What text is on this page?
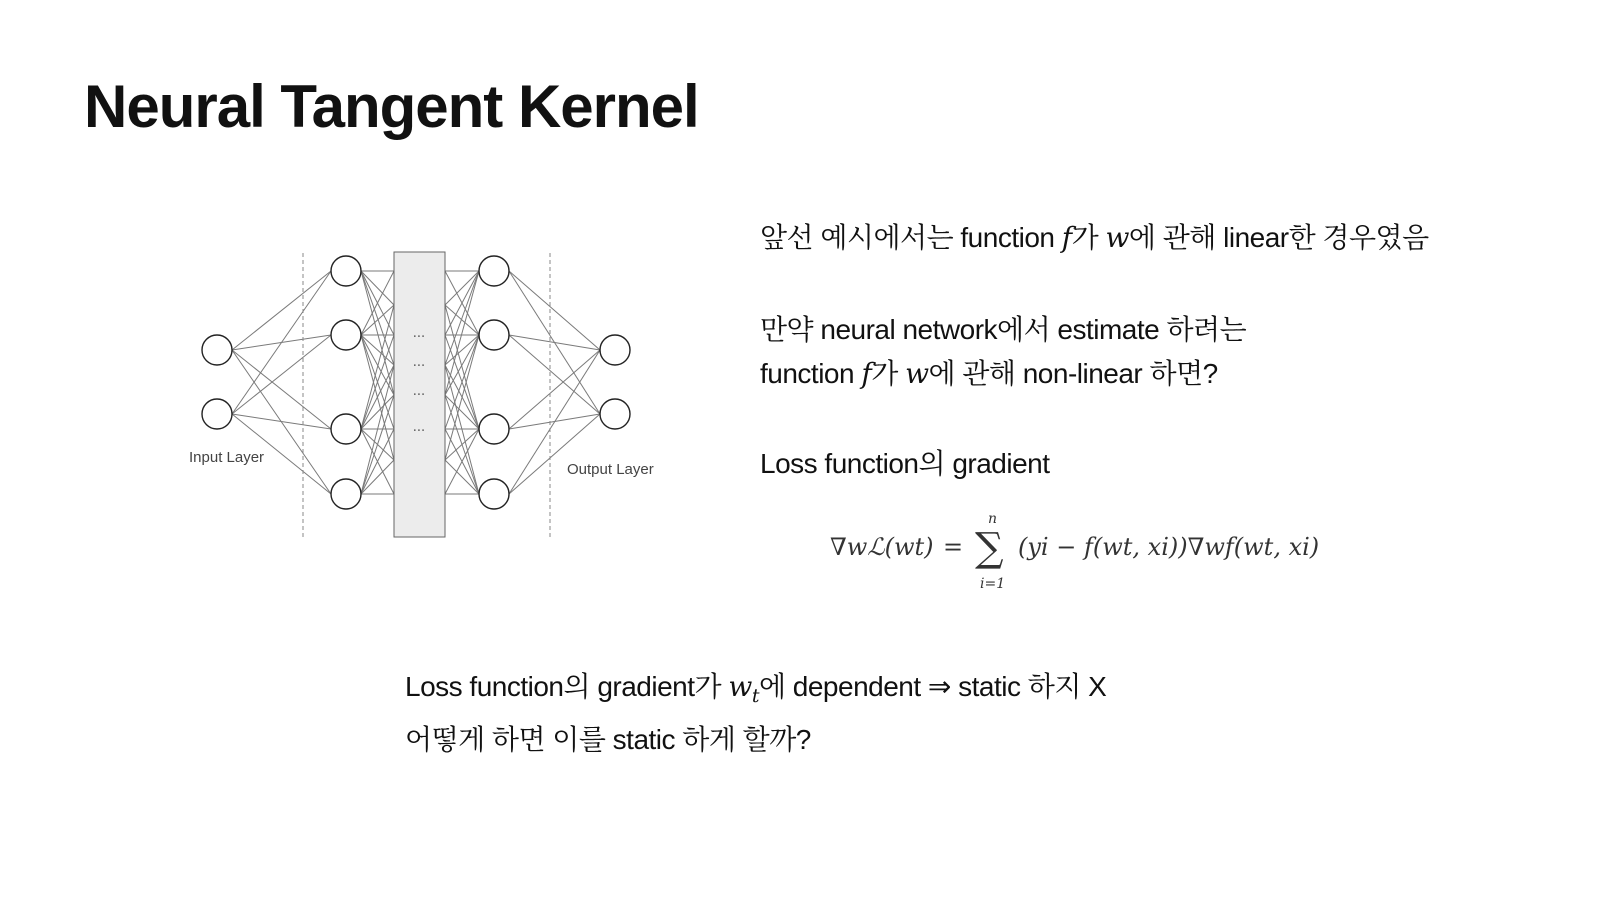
Neural Tangent Kernel
...
...
...
...
Input Layer
Output Layer
앞선 예시에서는 function f가 w에 관해 linear한 경우였음
만약 neural network에서 estimate 하려는
function f가 w에 관해 non-linear 하면?
Loss function의 gradient
∇wℒ(wt) =
n
∑
i=1
(yi − f(wt, xi))∇wf(wt, xi)
Loss function의 gradient가 $w_t$에 dependent ⇒ static 하지 X
어떻게 하면 이를 static 하게 할까?
